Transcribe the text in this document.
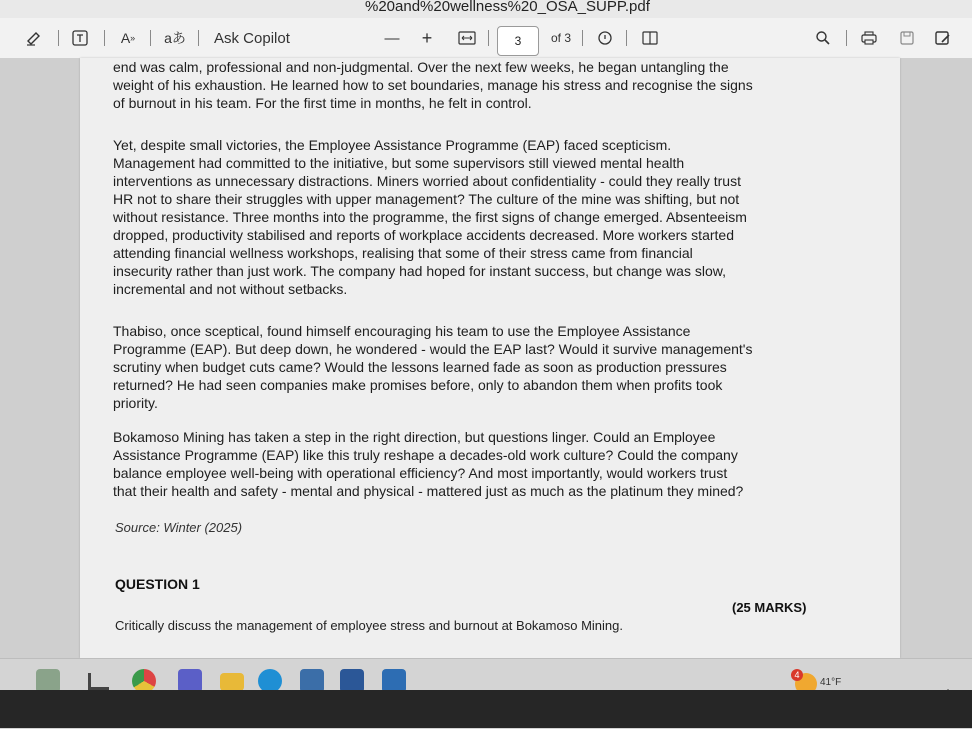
%20and%20wellness%20_OSA_SUPP.pdf
A » aあ Ask Copilot	— +	3	of 3

end was calm, professional and non-judgmental. Over the next few weeks, he began untangling the weight of his exhaustion. He learned how to set boundaries, manage his stress and recognise the signs of burnout in his team. For the first time in months, he felt in control.

Yet, despite small victories, the Employee Assistance Programme (EAP) faced scepticism. Management had committed to the initiative, but some supervisors still viewed mental health interventions as unnecessary distractions. Miners worried about confidentiality - could they really trust HR not to share their struggles with upper management? The culture of the mine was shifting, but not without resistance. Three months into the programme, the first signs of change emerged. Absenteeism dropped, productivity stabilised and reports of workplace accidents decreased. More workers started attending financial wellness workshops, realising that some of their stress came from financial insecurity rather than just work. The company had hoped for instant success, but change was slow, incremental and not without setbacks.

Thabiso, once sceptical, found himself encouraging his team to use the Employee Assistance Programme (EAP). But deep down, he wondered - would the EAP last? Would it survive management's scrutiny when budget cuts came? Would the lessons learned fade as soon as production pressures returned? He had seen companies make promises before, only to abandon them when profits took priority.

Bokamoso Mining has taken a step in the right direction, but questions linger. Could an Employee Assistance Programme (EAP) like this truly reshape a decades-old work culture? Could the company balance employee well-being with operational efficiency? And most importantly, would workers trust that their health and safety - mental and physical - mattered just as much as the platinum they mined?

Source: Winter (2025)
QUESTION 1
(25 MARKS)
Critically discuss the management of employee stress and burnout at Bokamoso Mining.
4
41°F
